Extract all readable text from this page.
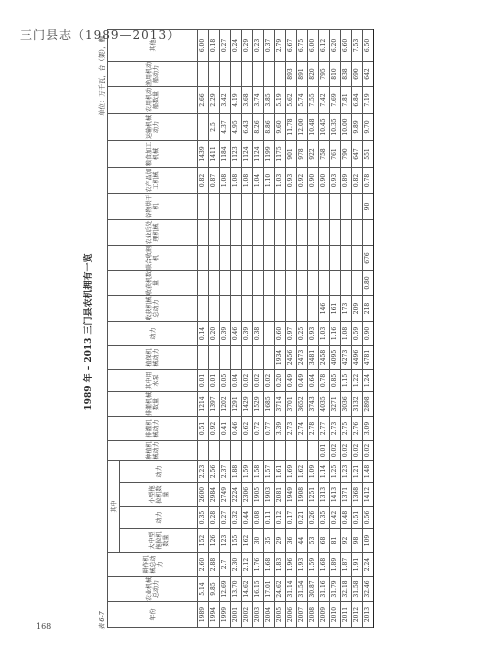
三门县志（1989—2013）
1989 年 – 2013 三门县农机拥有一览
表 6-7
单位：万千瓦，台（架），艘
年份	农业机械总动力	耕作机械总动力	其中				种植机械动力	排灌机械动力	排灌机械数量	其中用水泵	植保机械动力	动力	收获机械总动力	收获机数量	联合收割机	农业后处理机械	谷物烘干机	农产品加工机械	粮食加工机械	运输机械动力	农用机动船数量	渔用机动船动力	其他
			大中型拖拉机数量	动力	小型拖拉机数量	动力																	
1989	5.14	2.60	152	0.35	2600	2.23		0.51	1214	0.01		0.14						0.82	1439		2.66		6.00
1994	9.85	2.88	126	0.28	2984	2.56		0.92	1397	0.01		0.20						0.87	1411	2.5	2.29		0.18
1999	12.69	2.7	123	0.27	2749	2.37		0.41	1202	0.05		0.39						1.08	1184	4.37	3.42		0.27
2001	13.70	2.30	155	0.32	2224	1.88		0.46	1291	0.04		0.46						1.08	1123	4.95	4.19		0.24
2002	14.62	2.12	162	0.44	2306	1.59		0.62	1429	0.02		0.39						1.08	1124	6.43	3.68		0.29
2003	16.15	1.76	30	0.08	1905	1.58		0.72	1529	0.02		0.38						1.04	1124	8.26	3.74		0.23
2004	17.01	1.68	35	0.11	1903	1.57		0.77	1685	0.02								1.10	1199	8.86	3.85		0.37
2005	24.62	1.83	29	0.12	2081	1.61		3.39	3714	0.20	1934	0.60						1.03	1175	9.60	5.19		2.79
2006	31.14	1.96	36	0.17	1949	1.69		2.73	3701	0.49	2456	0.97						0.93	901	11.78	5.62	893	6.67
2007	31.54	1.93	44	0.21	1908	1.62		2.74	3652	0.49	2473	0.25						0.92	978	12.00	5.74	891	6.75
2008	30.87	1.59	53	0.26	1251	1.09		2.78	3743	0.64	3481	0.93						0.90	922	10.48	7.55	820	6.00
2009	31.16	1.68	68	0.35	1313	1.14	0.01	2.77	4035	0.78	2458	1.03	146					0.90	758	10.45	7.42	795	6.12
2010	31.79	1.89	81	0.42	1413	1.25	0.02	2.73	3271	0.85	4095	1.16	161					0.93	761	10.35	7.69	810	6.20
2011	32.18	1.87	92	0.48	1371	1.23	0.02	2.75	3036	1.15	4273	1.08	173					0.89	790	10.00	7.81	838	6.60
2012	31.58	1.91	98	0.51	1368	1.21	0.02	2.76	3132	1.22	4496	0.59	209					0.82	647	9.89	6.84	690	7.53
2013	32.46	2.24	109	0.56	1412	1.48	0.02	3.09	2898	1.24	4781	0.90	218	0.80	676		90	0.78	551	9.70	7.19	642	6.50
168
